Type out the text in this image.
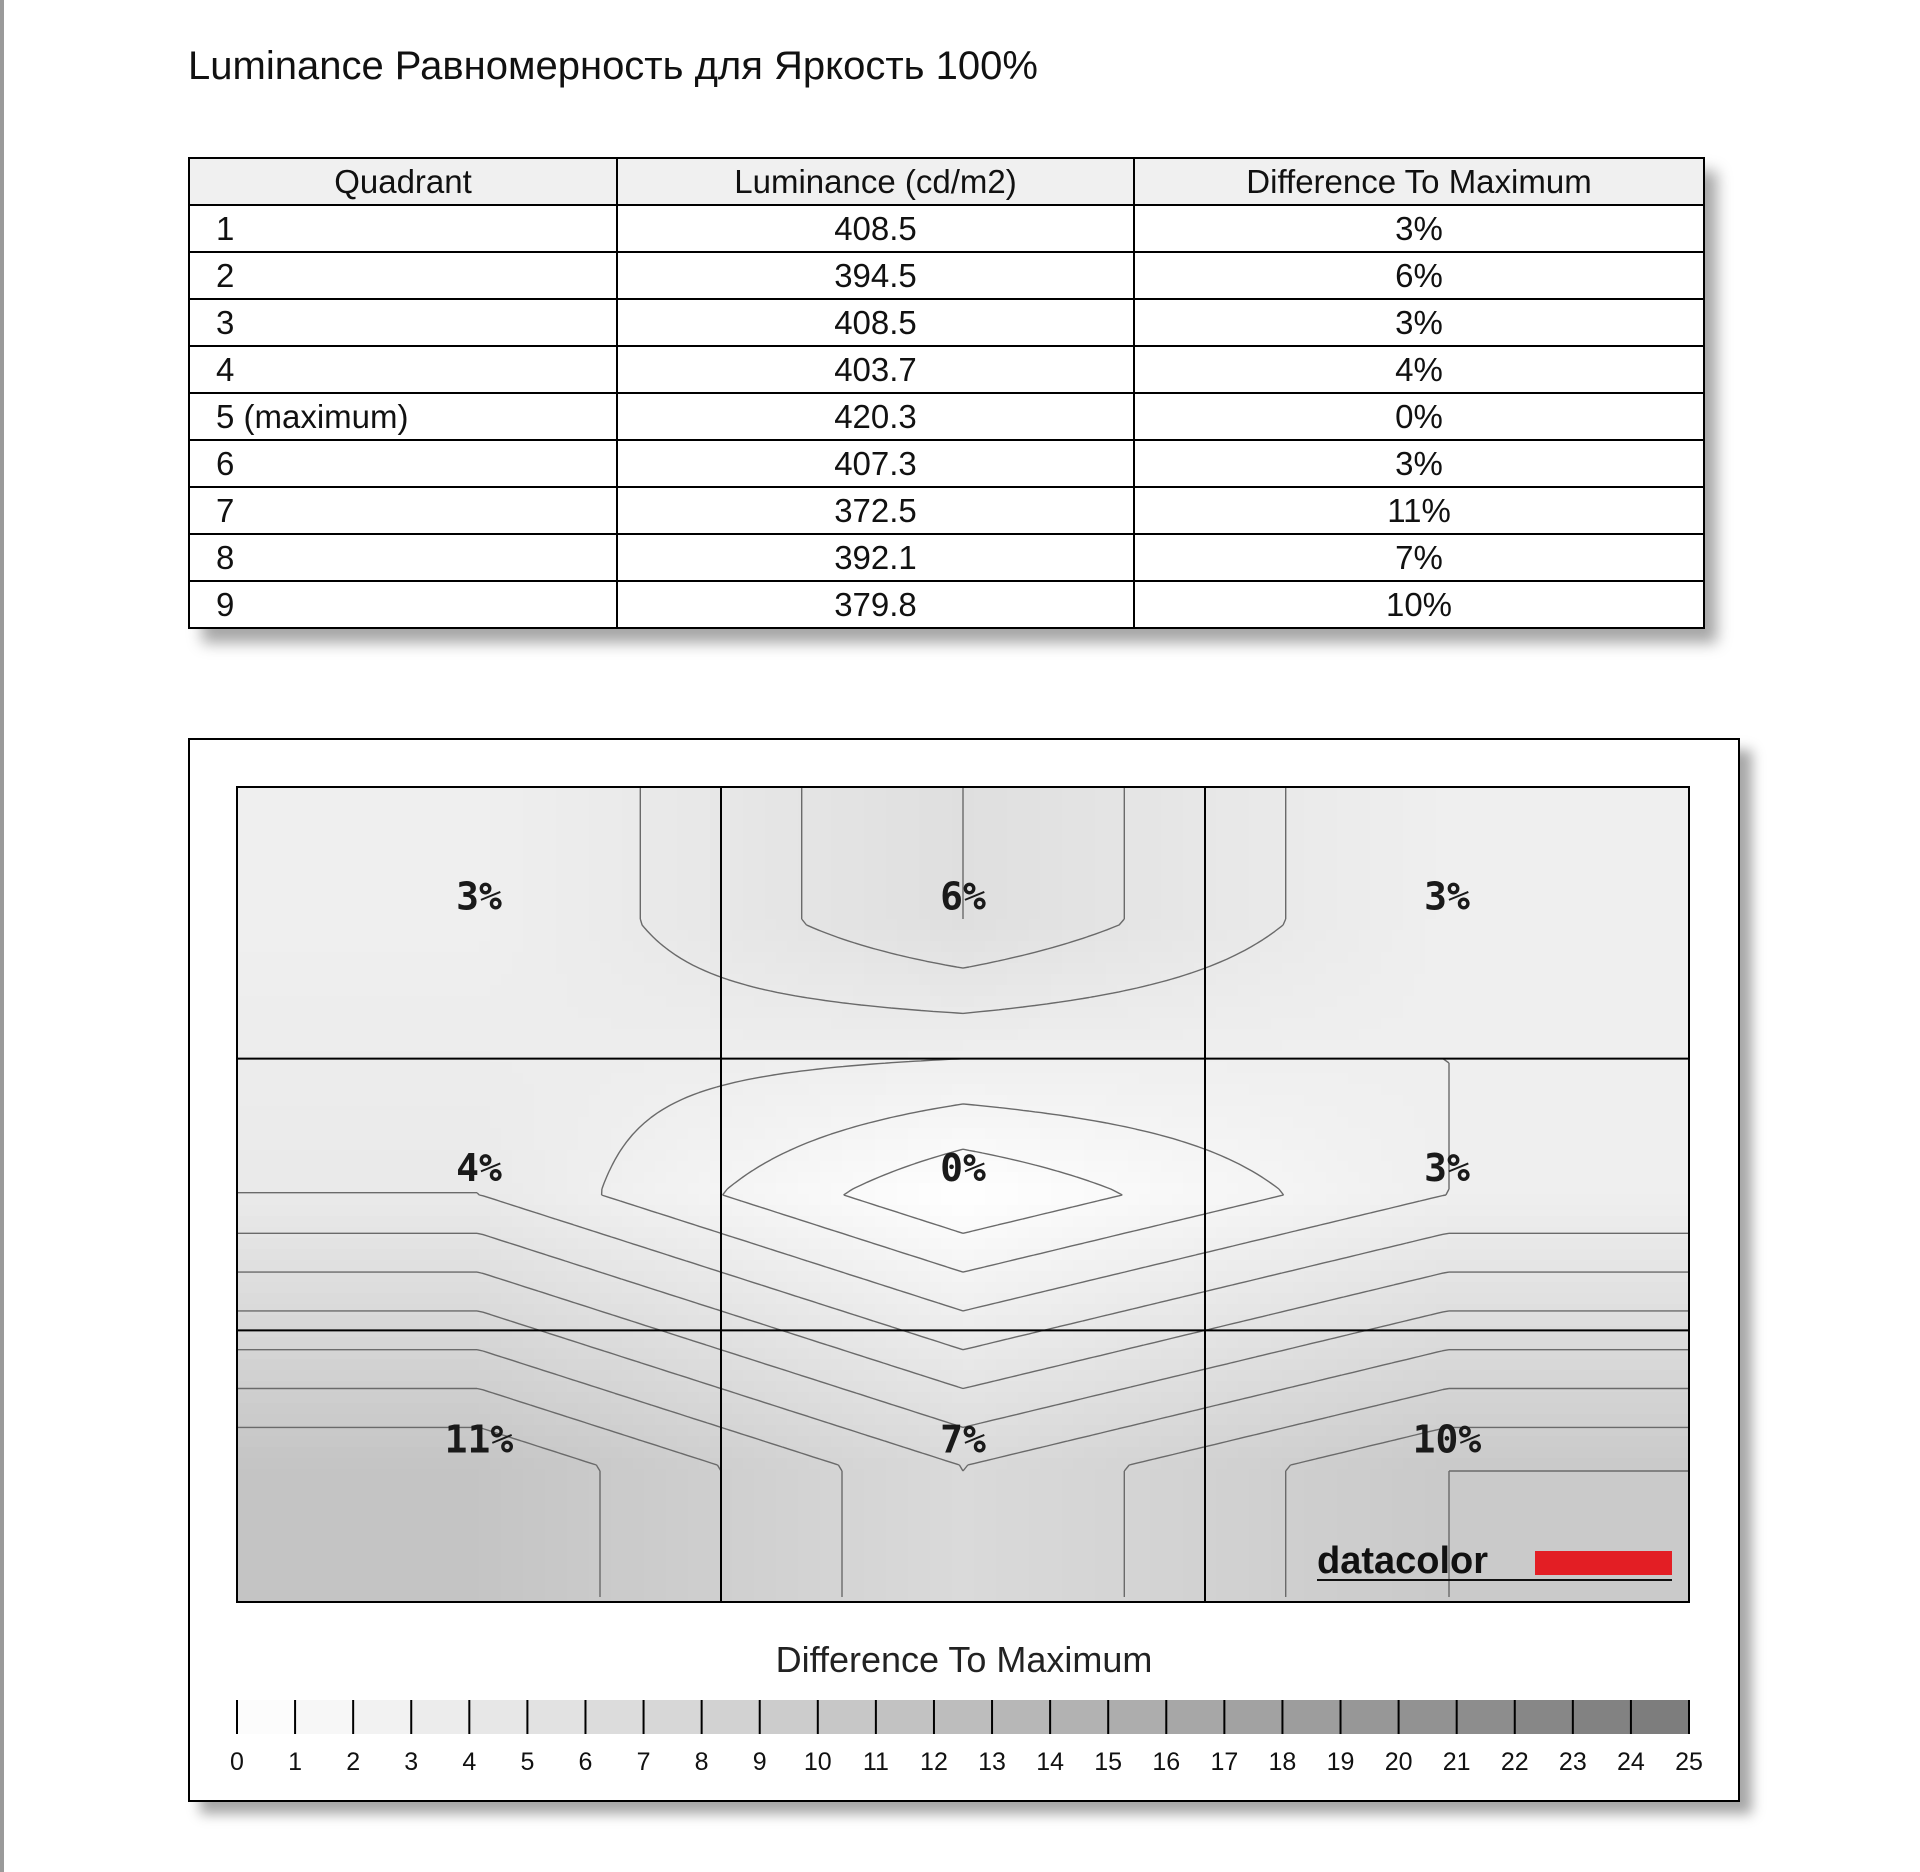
Luminance Равномерность для Яркость 100%
Quadrant	Luminance (cd/m2)	Difference To Maximum
1	408.5	3%
2	394.5	6%
3	408.5	3%
4	403.7	4%
5 (maximum)	420.3	0%
6	407.3	3%
7	372.5	11%
8	392.1	7%
9	379.8	10%
3%	6%	3%
4%	0%	3%
11%	7%	10%
datacolor
Difference To Maximum
0 1 2 3 4 5 6 7 8 9 10 11 12 13 14 15 16 17 18 19 20 21 22 23 24 25
